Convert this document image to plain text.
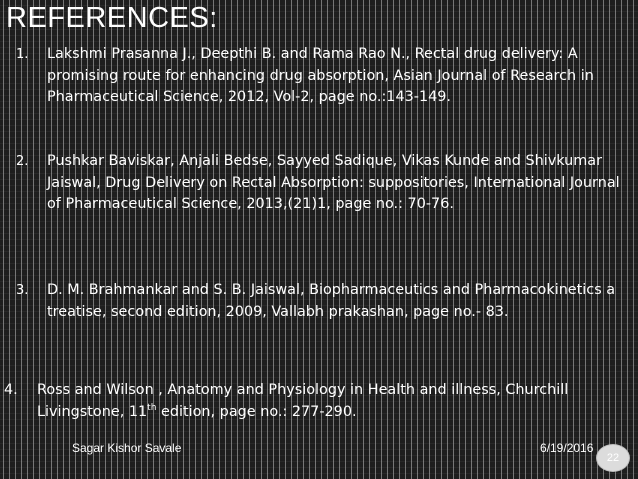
REFERENCES:
1. Lakshmi Prasanna J., Deepthi B. and Rama Rao N., Rectal drug delivery: A promising route for enhancing drug absorption, Asian Journal of Research in Pharmaceutical Science, 2012, Vol-2, page no.:143-149.
2. Pushkar Baviskar, Anjali Bedse, Sayyed Sadique, Vikas Kunde and Shivkumar Jaiswal, Drug Delivery on Rectal Absorption: suppositories, International Journal of Pharmaceutical Science, 2013,(21)1, page no.: 70-76.
3. D. M. Brahmankar and S. B. Jaiswal, Biopharmaceutics and Pharmacokinetics a treatise, second edition, 2009, Vallabh prakashan, page no.- 83.
4. Ross and Wilson , Anatomy and Physiology in Health and illness, Churchill Livingstone, 11th edition, page no.: 277-290.
Sagar Kishor Savale	6/19/2016
22
